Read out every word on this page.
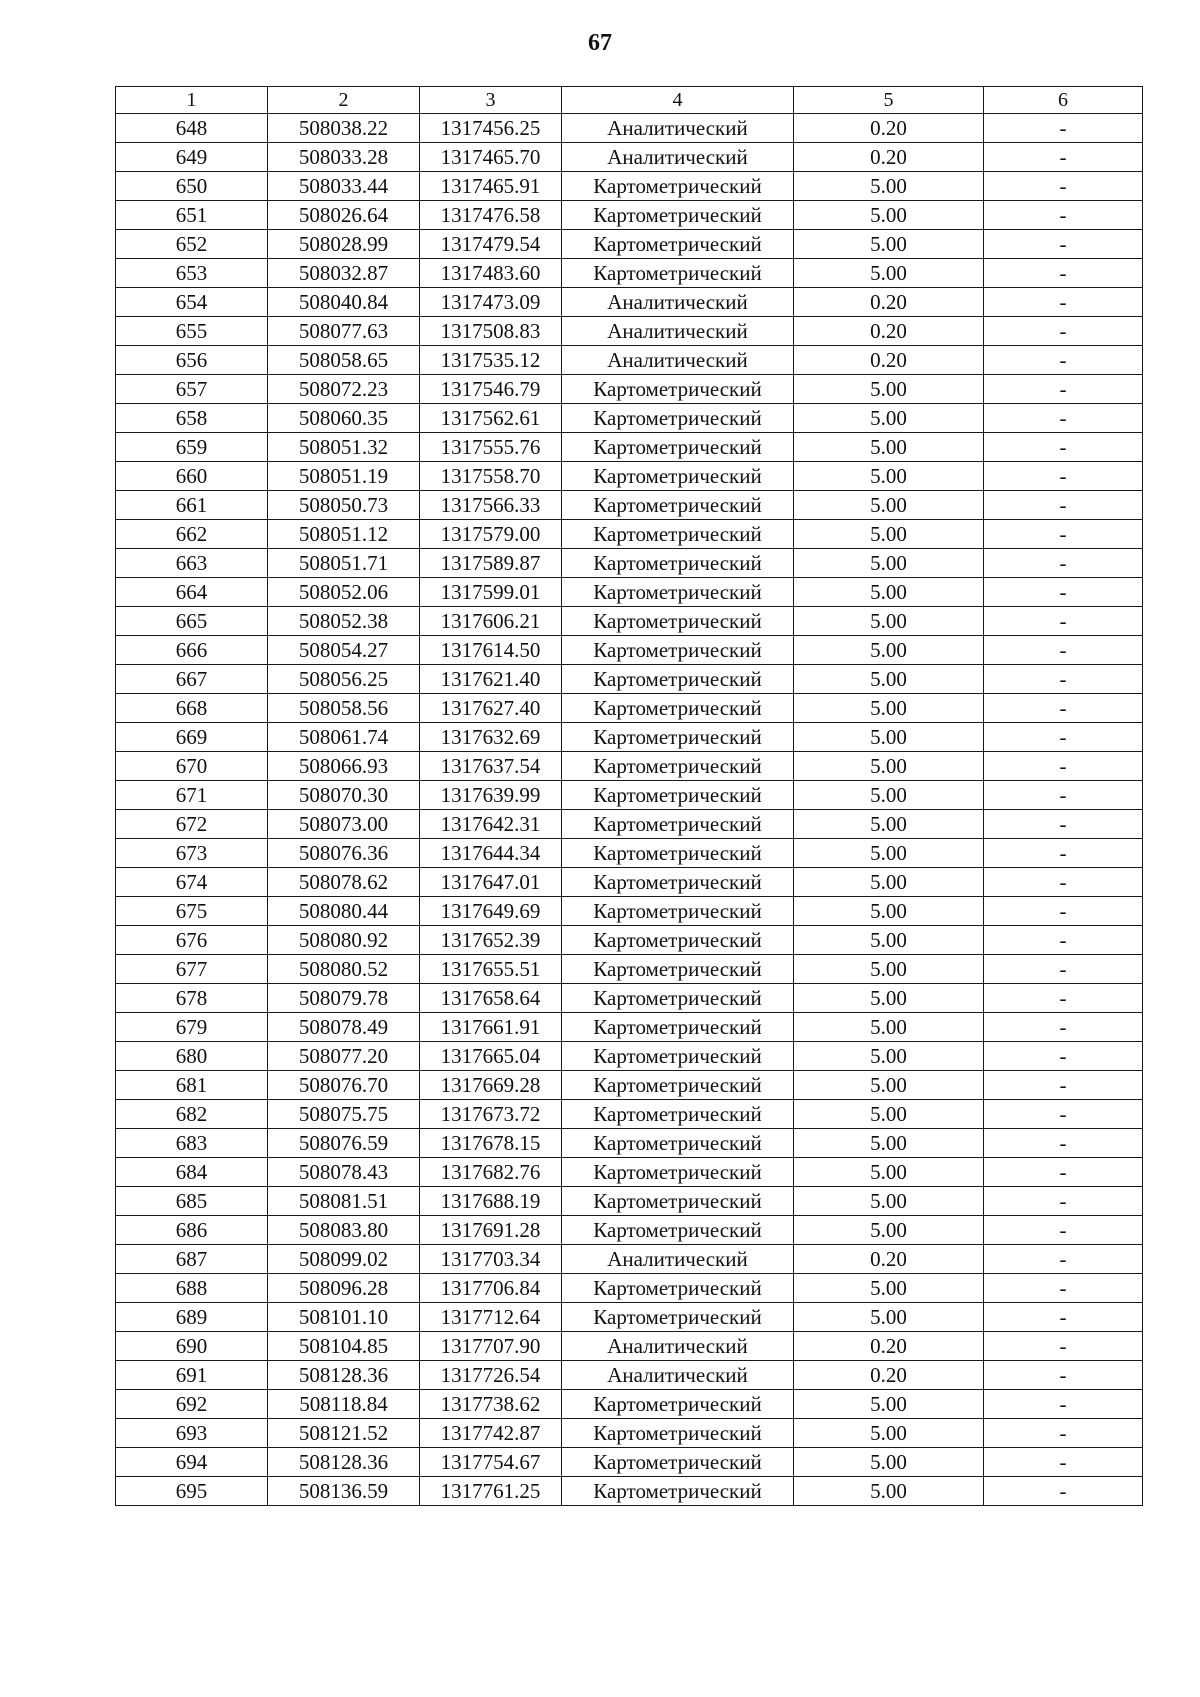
67
1	2	3	4	5	6
648	508038.22	1317456.25	Аналитический	0.20	-
649	508033.28	1317465.70	Аналитический	0.20	-
650	508033.44	1317465.91	Картометрический	5.00	-
651	508026.64	1317476.58	Картометрический	5.00	-
652	508028.99	1317479.54	Картометрический	5.00	-
653	508032.87	1317483.60	Картометрический	5.00	-
654	508040.84	1317473.09	Аналитический	0.20	-
655	508077.63	1317508.83	Аналитический	0.20	-
656	508058.65	1317535.12	Аналитический	0.20	-
657	508072.23	1317546.79	Картометрический	5.00	-
658	508060.35	1317562.61	Картометрический	5.00	-
659	508051.32	1317555.76	Картометрический	5.00	-
660	508051.19	1317558.70	Картометрический	5.00	-
661	508050.73	1317566.33	Картометрический	5.00	-
662	508051.12	1317579.00	Картометрический	5.00	-
663	508051.71	1317589.87	Картометрический	5.00	-
664	508052.06	1317599.01	Картометрический	5.00	-
665	508052.38	1317606.21	Картометрический	5.00	-
666	508054.27	1317614.50	Картометрический	5.00	-
667	508056.25	1317621.40	Картометрический	5.00	-
668	508058.56	1317627.40	Картометрический	5.00	-
669	508061.74	1317632.69	Картометрический	5.00	-
670	508066.93	1317637.54	Картометрический	5.00	-
671	508070.30	1317639.99	Картометрический	5.00	-
672	508073.00	1317642.31	Картометрический	5.00	-
673	508076.36	1317644.34	Картометрический	5.00	-
674	508078.62	1317647.01	Картометрический	5.00	-
675	508080.44	1317649.69	Картометрический	5.00	-
676	508080.92	1317652.39	Картометрический	5.00	-
677	508080.52	1317655.51	Картометрический	5.00	-
678	508079.78	1317658.64	Картометрический	5.00	-
679	508078.49	1317661.91	Картометрический	5.00	-
680	508077.20	1317665.04	Картометрический	5.00	-
681	508076.70	1317669.28	Картометрический	5.00	-
682	508075.75	1317673.72	Картометрический	5.00	-
683	508076.59	1317678.15	Картометрический	5.00	-
684	508078.43	1317682.76	Картометрический	5.00	-
685	508081.51	1317688.19	Картометрический	5.00	-
686	508083.80	1317691.28	Картометрический	5.00	-
687	508099.02	1317703.34	Аналитический	0.20	-
688	508096.28	1317706.84	Картометрический	5.00	-
689	508101.10	1317712.64	Картометрический	5.00	-
690	508104.85	1317707.90	Аналитический	0.20	-
691	508128.36	1317726.54	Аналитический	0.20	-
692	508118.84	1317738.62	Картометрический	5.00	-
693	508121.52	1317742.87	Картометрический	5.00	-
694	508128.36	1317754.67	Картометрический	5.00	-
695	508136.59	1317761.25	Картометрический	5.00	-
